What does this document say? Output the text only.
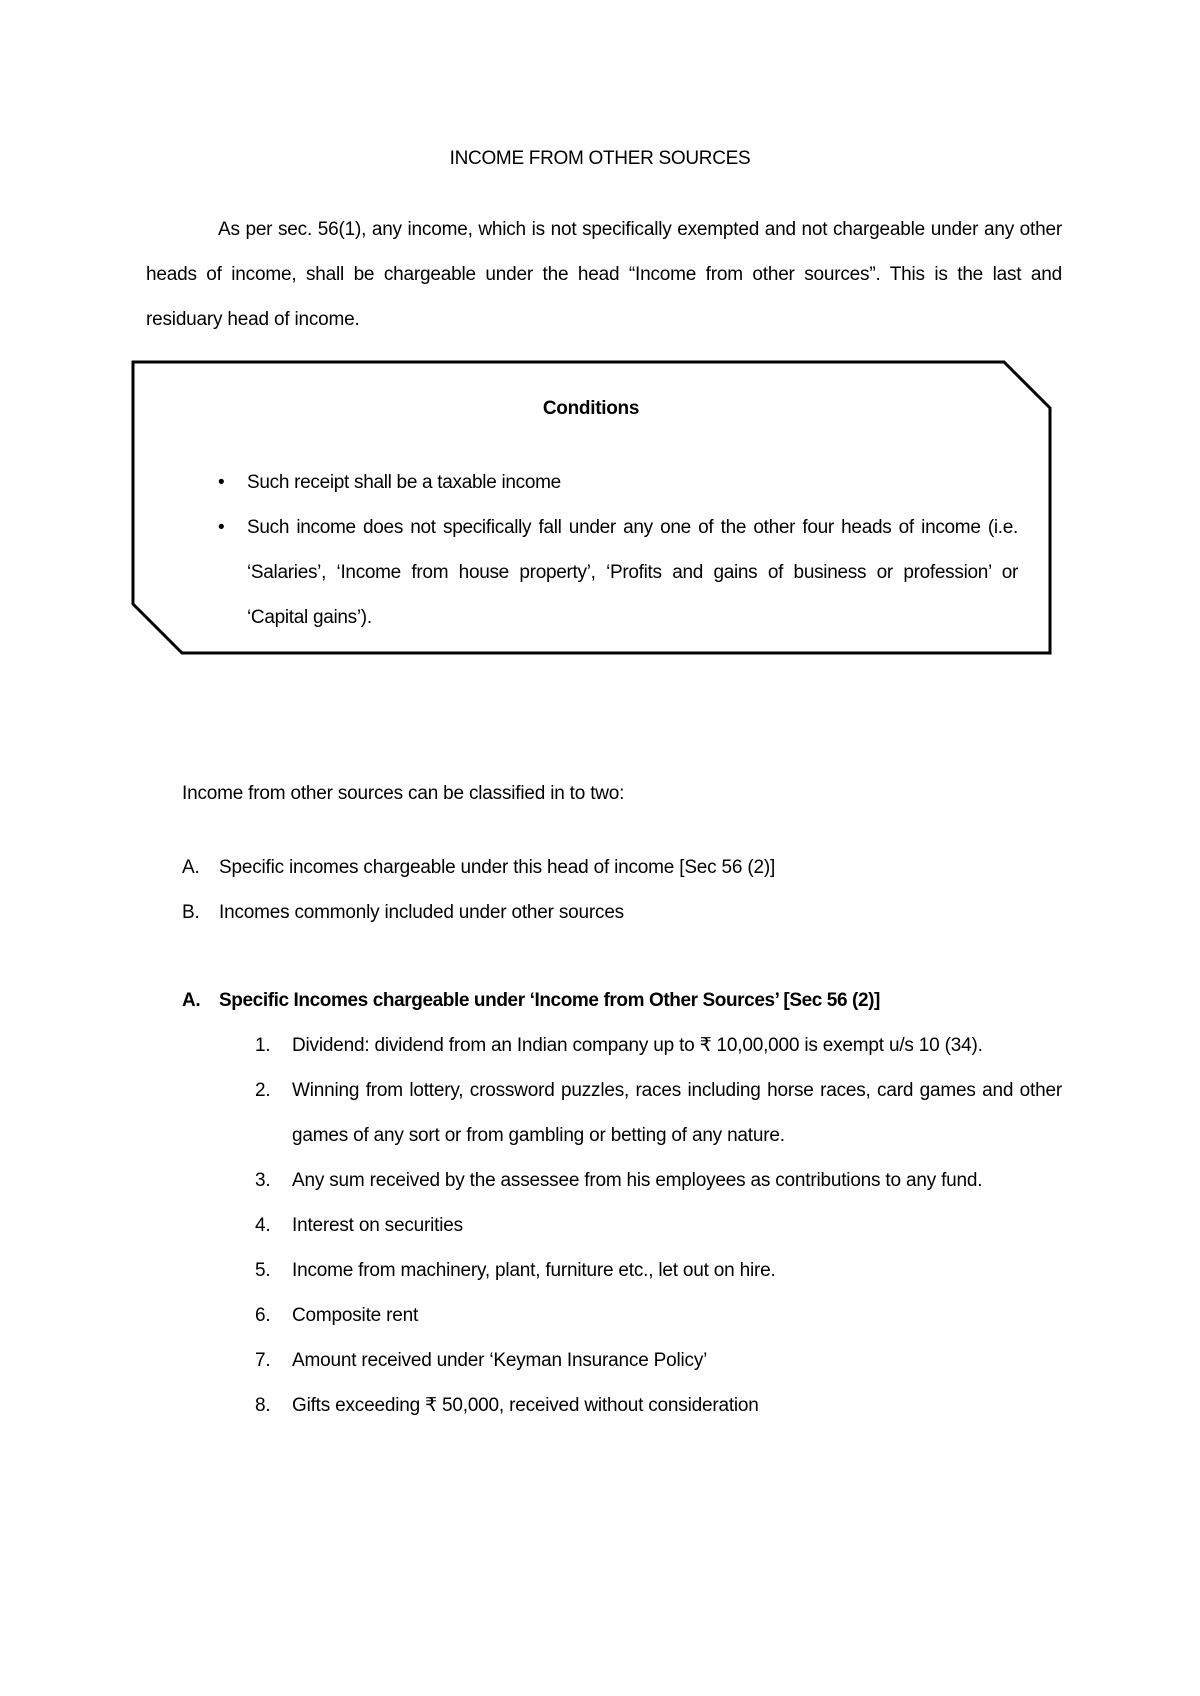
INCOME FROM OTHER SOURCES

As per sec. 56(1), any income, which is not specifically exempted and not chargeable under any other heads of income, shall be chargeable under the head “Income from other sources”. This is the last and residuary head of income.

Conditions
• Such receipt shall be a taxable income
• Such income does not specifically fall under any one of the other four heads of income (i.e. ‘Salaries’, ‘Income from house property’, ‘Profits and gains of business or profession’ or ‘Capital gains’).
Income from other sources can be classified in to two:
A. Specific incomes chargeable under this head of income [Sec 56 (2)]
B. Incomes commonly included under other sources
A. Specific Incomes chargeable under ‘Income from Other Sources’ [Sec 56 (2)]
1. Dividend: dividend from an Indian company up to ₹ 10,00,000 is exempt u/s 10 (34).
2. Winning from lottery, crossword puzzles, races including horse races, card games and other games of any sort or from gambling or betting of any nature.
3. Any sum received by the assessee from his employees as contributions to any fund.
4. Interest on securities
5. Income from machinery, plant, furniture etc., let out on hire.
6. Composite rent
7. Amount received under ‘Keyman Insurance Policy’
8. Gifts exceeding ₹ 50,000, received without consideration
